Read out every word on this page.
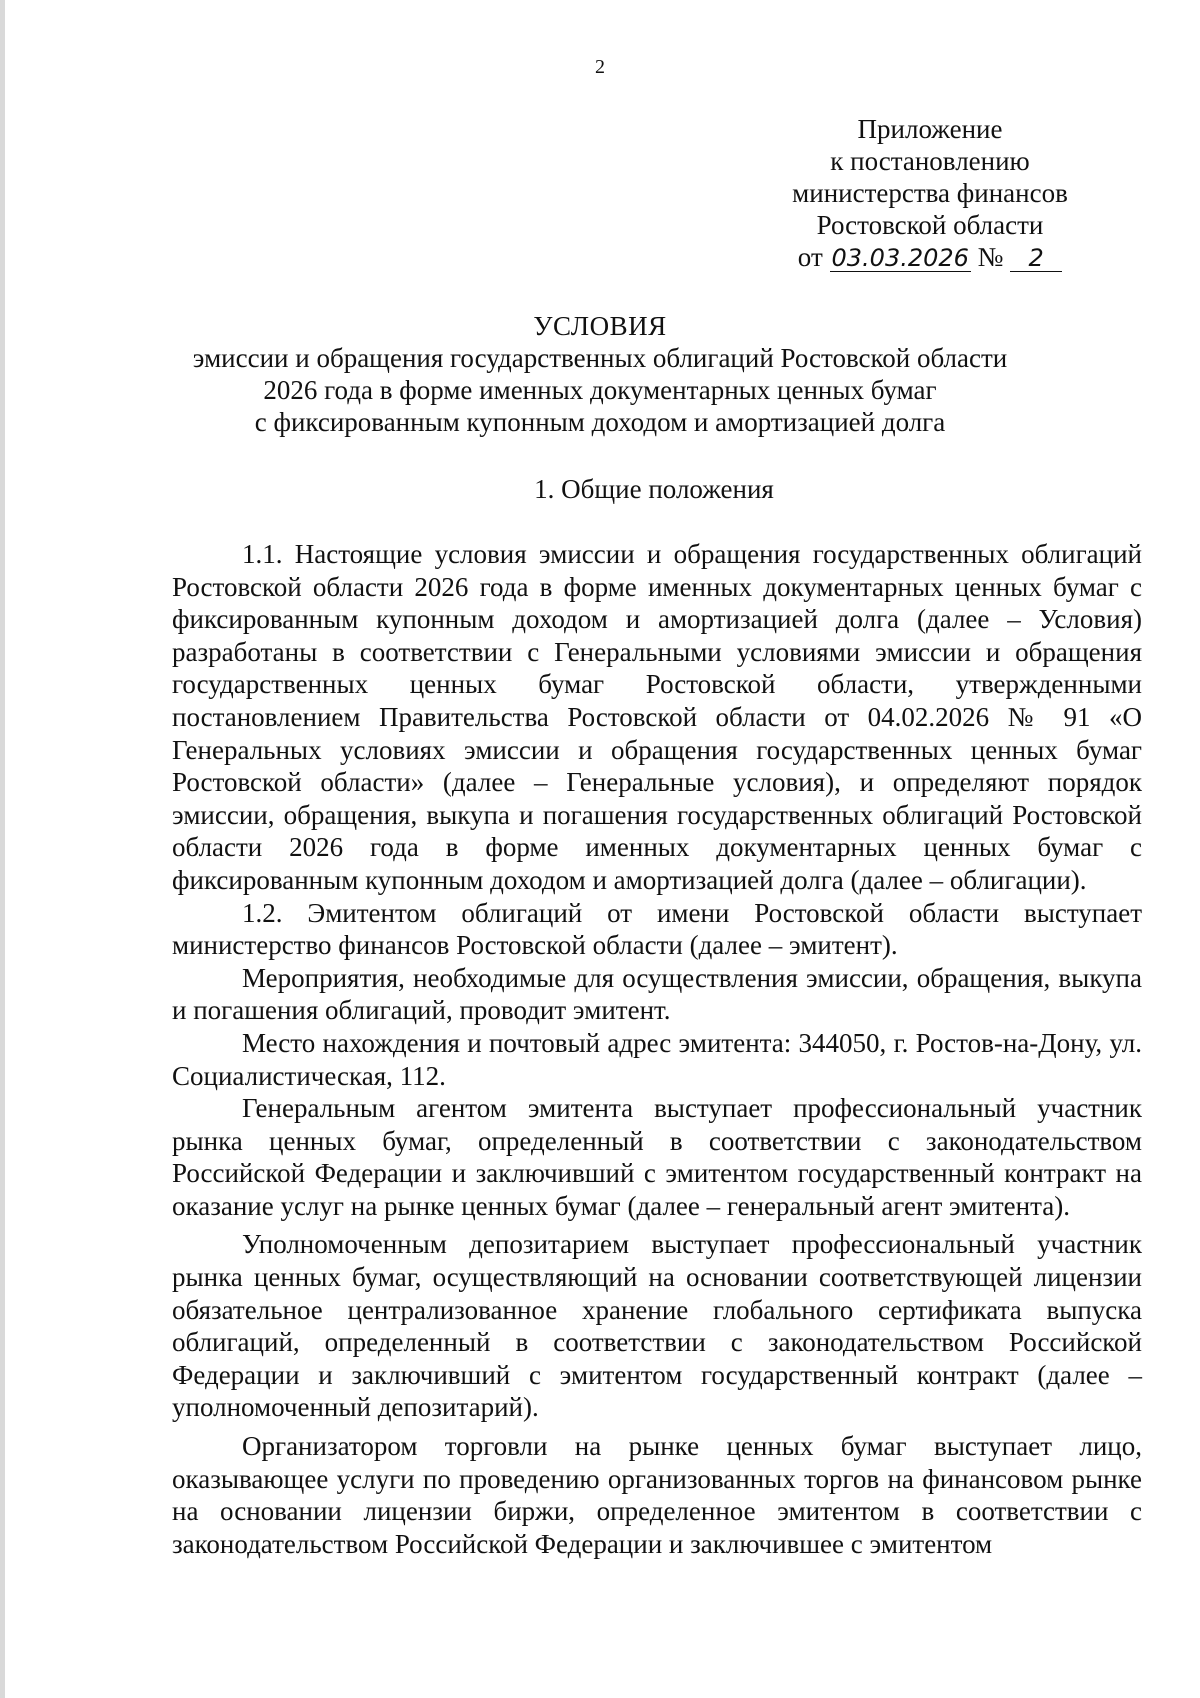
2
Приложение
к постановлению
министерства финансов
Ростовской области
от 03.03.2026 № 2
УСЛОВИЯ
эмиссии и обращения государственных облигаций Ростовской области
2026 года в форме именных документарных ценных бумаг
с фиксированным купонным доходом и амортизацией долга
1. Общие положения

1.1. Настоящие условия эмиссии и обращения государственных облигаций Ростовской области 2026 года в форме именных документарных ценных бумаг с фиксированным купонным доходом и амортизацией долга (далее – Условия) разработаны в соответствии с Генеральными условиями эмиссии и обращения государственных ценных бумаг Ростовской области, утвержденными постановлением Правительства Ростовской области от 04.02.2026 № 91 «О Генеральных условиях эмиссии и обращения государственных ценных бумаг Ростовской области» (далее – Генеральные условия), и определяют порядок эмиссии, обращения, выкупа и погашения государственных облигаций Ростовской области 2026 года в форме именных документарных ценных бумаг с фиксированным купонным доходом и амортизацией долга (далее – облигации).

1.2. Эмитентом облигаций от имени Ростовской области выступает министерство финансов Ростовской области (далее – эмитент).

Мероприятия, необходимые для осуществления эмиссии, обращения, выкупа и погашения облигаций, проводит эмитент.

Место нахождения и почтовый адрес эмитента: 344050, г. Ростов-на-Дону, ул. Социалистическая, 112.

Генеральным агентом эмитента выступает профессиональный участник рынка ценных бумаг, определенный в соответствии с законодательством Российской Федерации и заключивший с эмитентом государственный контракт на оказание услуг на рынке ценных бумаг (далее – генеральный агент эмитента).

Уполномоченным депозитарием выступает профессиональный участник рынка ценных бумаг, осуществляющий на основании соответствующей лицензии обязательное централизованное хранение глобального сертификата выпуска облигаций, определенный в соответствии с законодательством Российской Федерации и заключивший с эмитентом государственный контракт (далее – уполномоченный депозитарий).

Организатором торговли на рынке ценных бумаг выступает лицо, оказывающее услуги по проведению организованных торгов на финансовом рынке на основании лицензии биржи, определенное эмитентом в соответствии с законодательством Российской Федерации и заключившее с эмитентом
